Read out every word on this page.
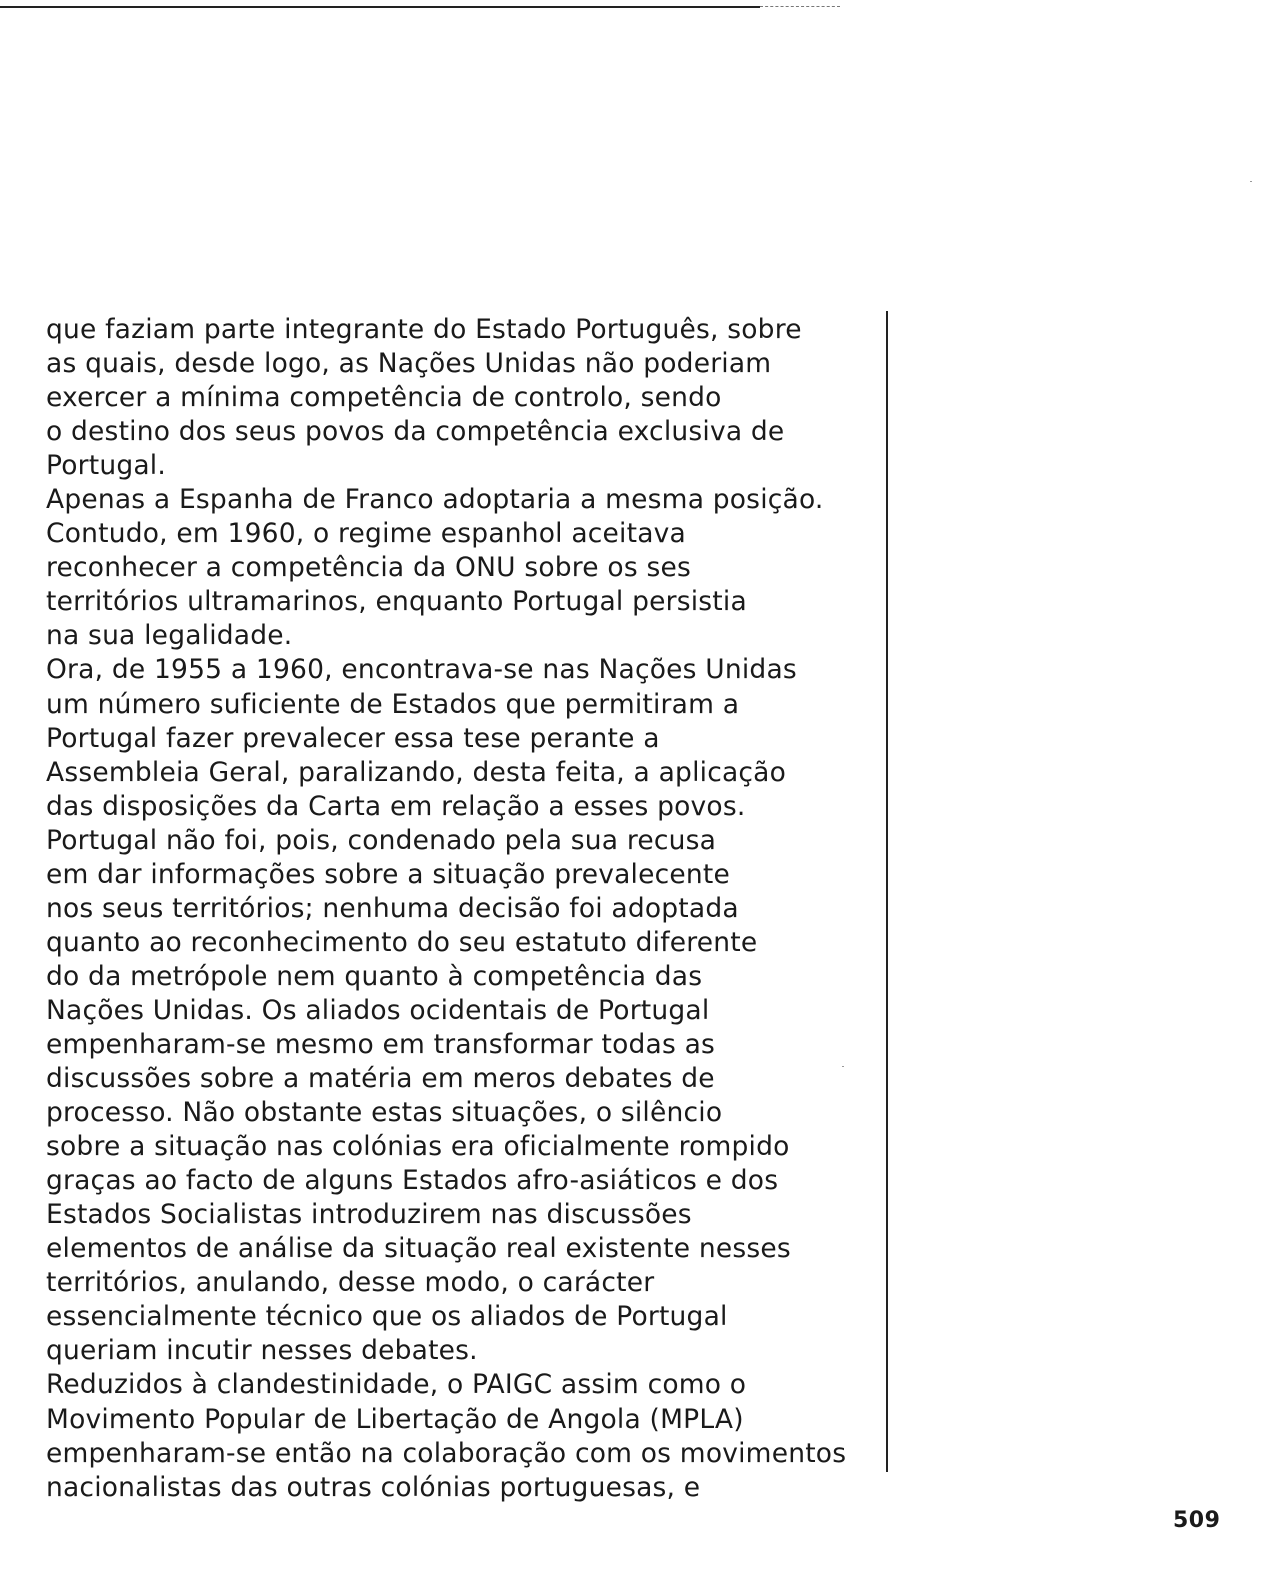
que faziam parte integrante do Estado Português, sobre
as quais, desde logo, as Nações Unidas não poderiam
exercer a mínima competência de controlo, sendo
o destino dos seus povos da competência exclusiva de
Portugal.
Apenas a Espanha de Franco adoptaria a mesma posição.
Contudo, em 1960, o regime espanhol aceitava
reconhecer a competência da ONU sobre os ses
territórios ultramarinos, enquanto Portugal persistia
na sua legalidade.
Ora, de 1955 a 1960, encontrava-se nas Nações Unidas
um número suficiente de Estados que permitiram a
Portugal fazer prevalecer essa tese perante a
Assembleia Geral, paralizando, desta feita, a aplicação
das disposições da Carta em relação a esses povos.
Portugal não foi, pois, condenado pela sua recusa
em dar informações sobre a situação prevalecente
nos seus territórios; nenhuma decisão foi adoptada
quanto ao reconhecimento do seu estatuto diferente
do da metrópole nem quanto à competência das
Nações Unidas. Os aliados ocidentais de Portugal
empenharam-se mesmo em transformar todas as
discussões sobre a matéria em meros debates de
processo. Não obstante estas situações, o silêncio
sobre a situação nas colónias era oficialmente rompido
graças ao facto de alguns Estados afro-asiáticos e dos
Estados Socialistas introduzirem nas discussões
elementos de análise da situação real existente nesses
territórios, anulando, desse modo, o carácter
essencialmente técnico que os aliados de Portugal
queriam incutir nesses debates.
Reduzidos à clandestinidade, o PAIGC assim como o
Movimento Popular de Libertação de Angola (MPLA)
empenharam-se então na colaboração com os movimentos
nacionalistas das outras colónias portuguesas, e
509
